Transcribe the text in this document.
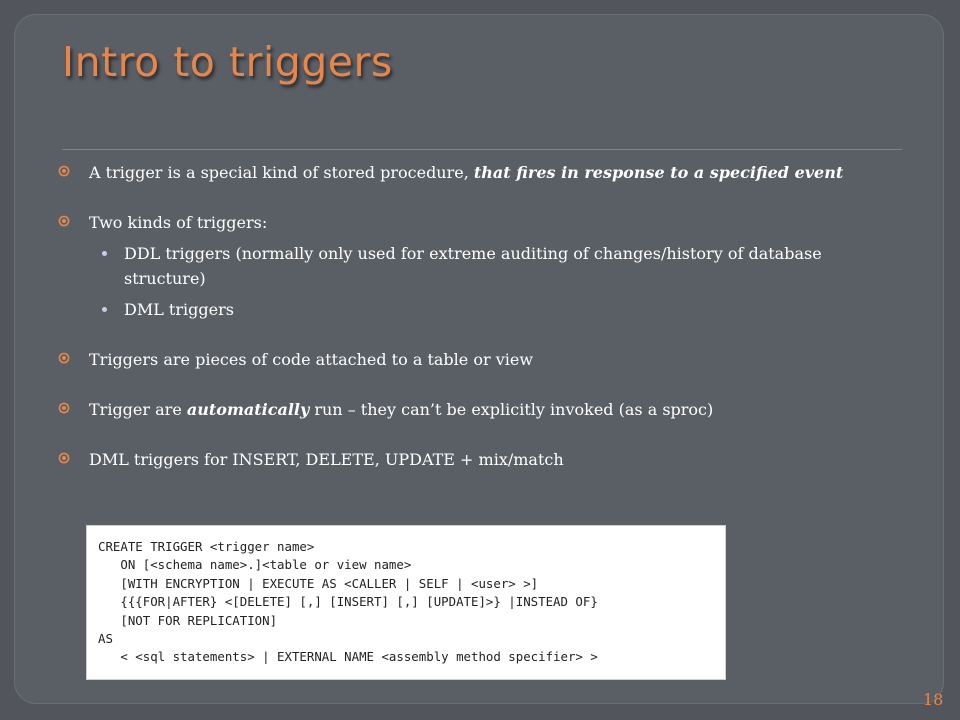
Intro to triggers
A trigger is a special kind of stored procedure, that fires in response to a specified event
Two kinds of triggers:
DDL triggers (normally only used for extreme auditing of changes/history of database structure)
DML triggers
Triggers are pieces of code attached to a table or view
Trigger are automatically run – they can’t be explicitly invoked (as a sproc)
DML triggers for INSERT, DELETE, UPDATE + mix/match
CREATE TRIGGER <trigger name>
ON [<schema name>.]<table or view name>
[WITH ENCRYPTION | EXECUTE AS <CALLER | SELF | <user> >]
{{{FOR|AFTER} <[DELETE] [,] [INSERT] [,] [UPDATE]>} |INSTEAD OF}
[NOT FOR REPLICATION]
AS
< <sql statements> | EXTERNAL NAME <assembly method specifier> >
18
